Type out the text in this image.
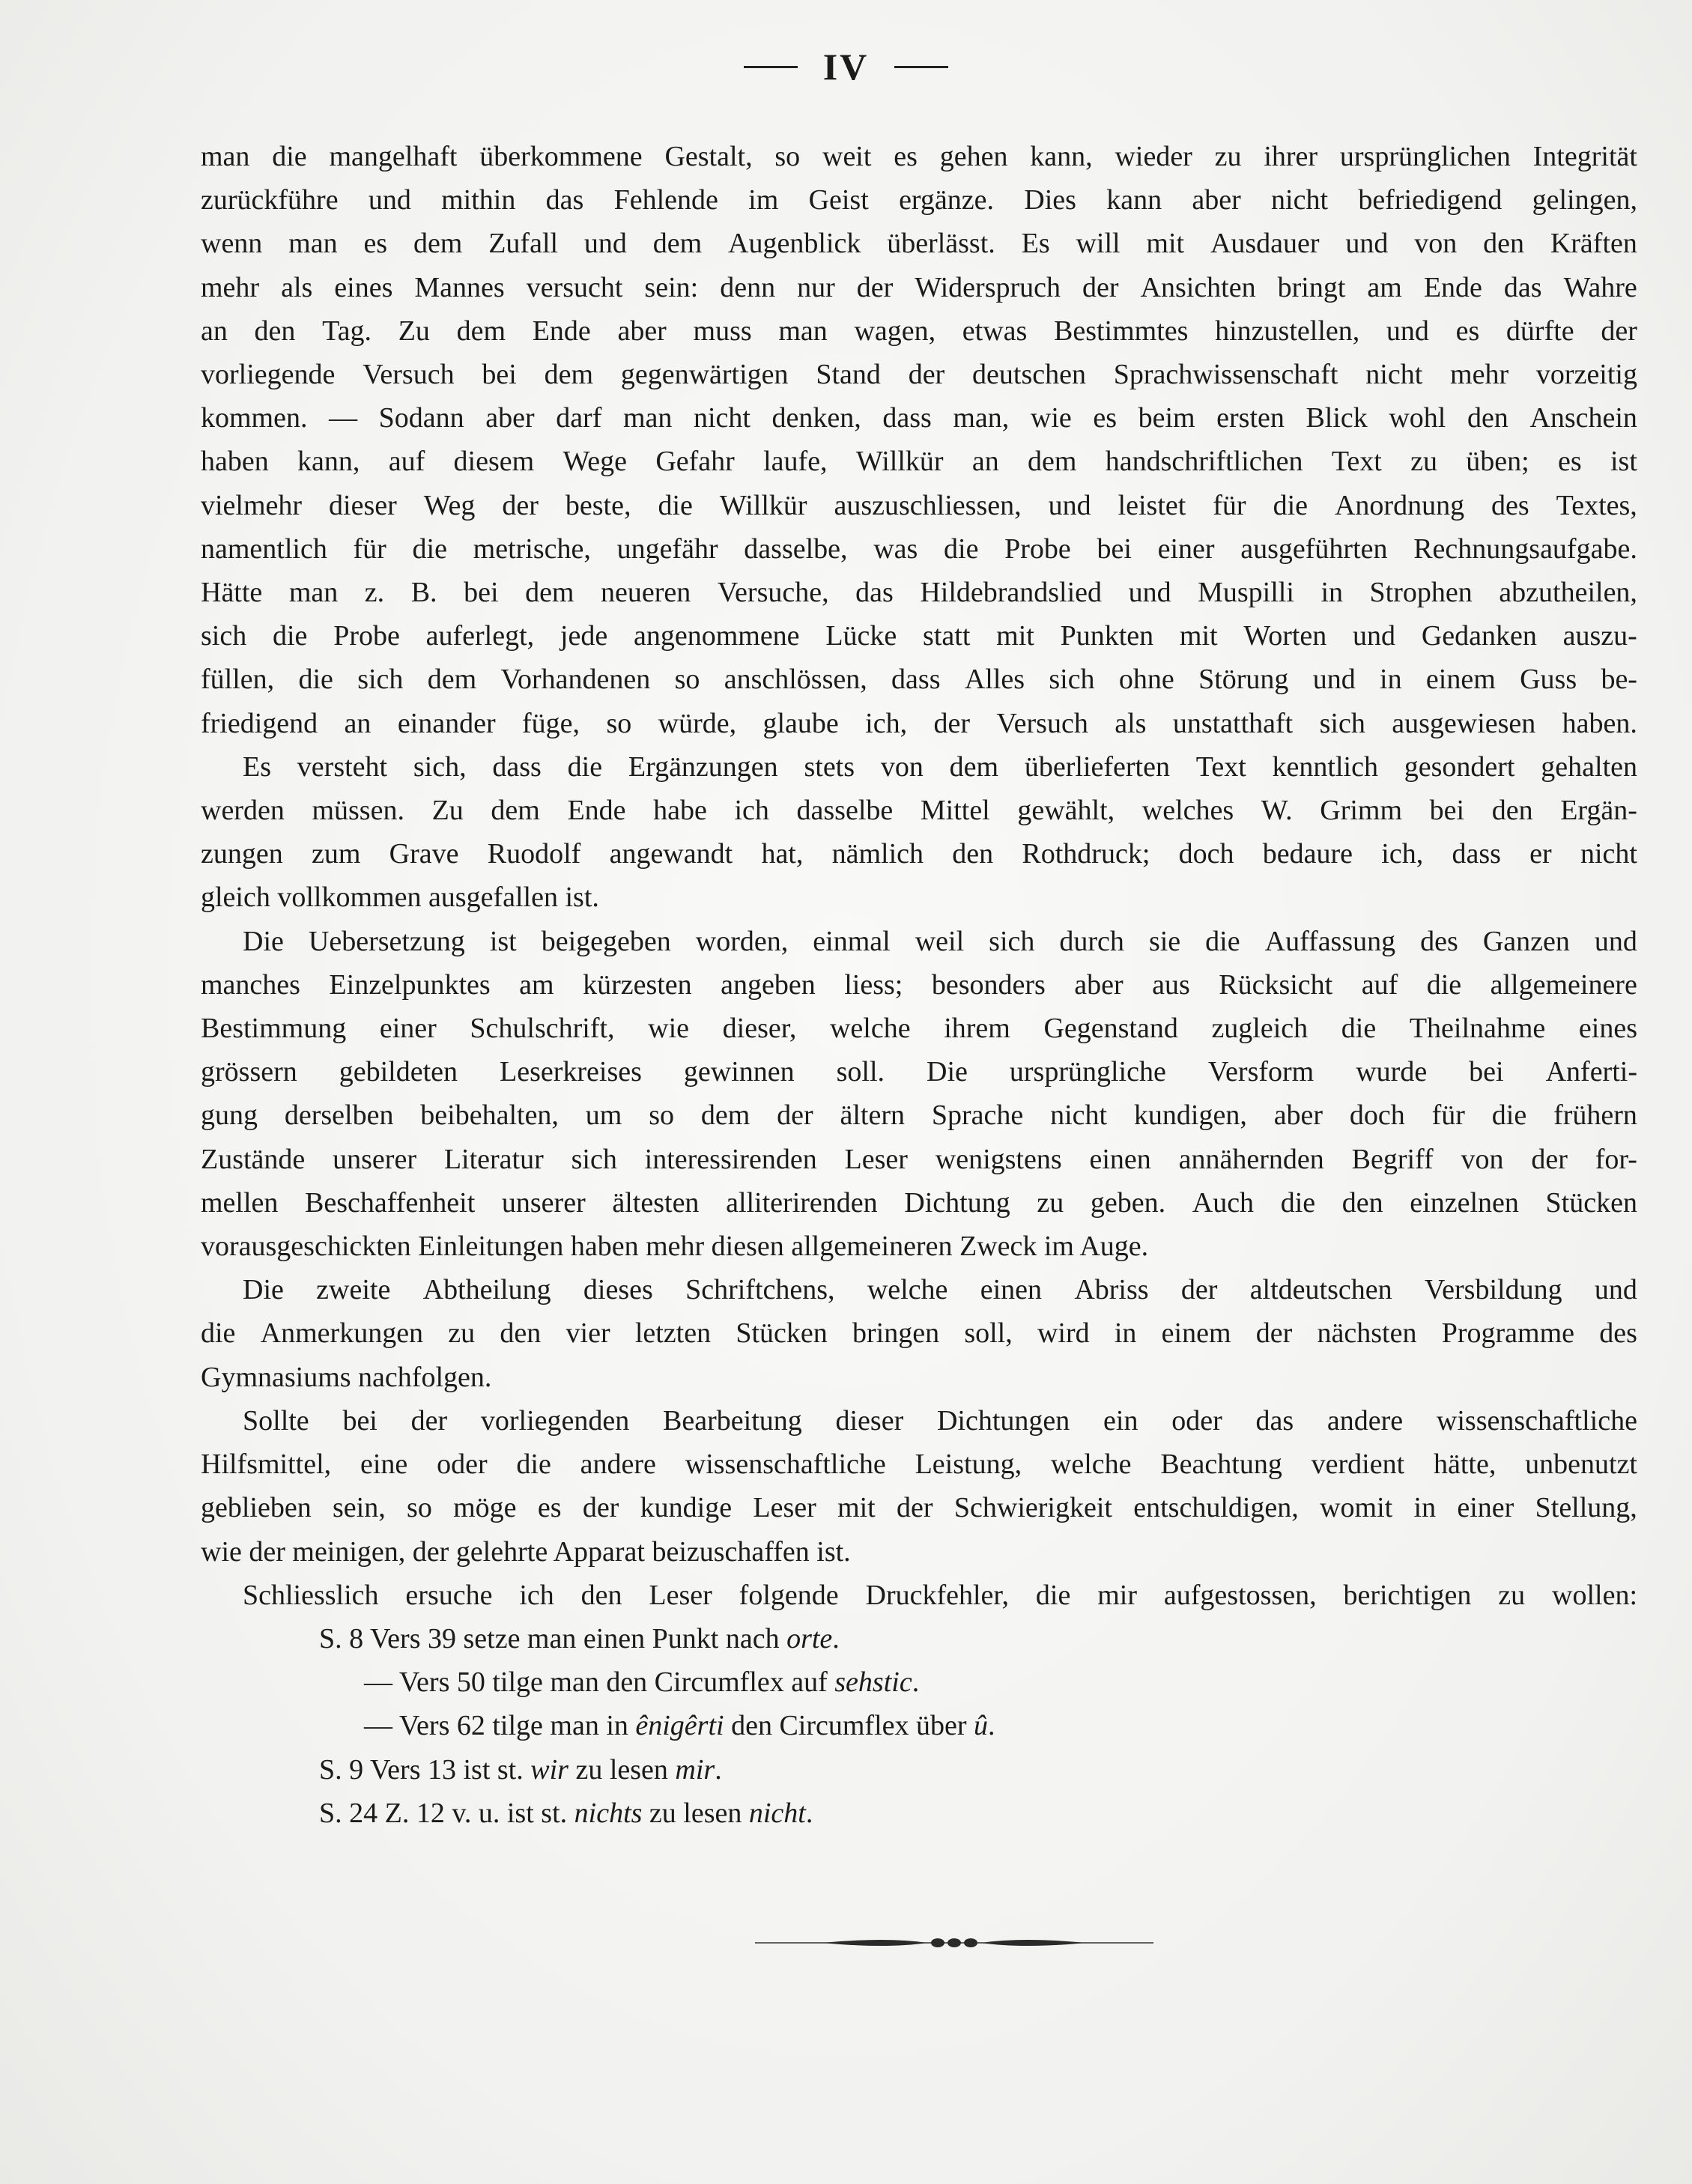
IV
man die mangelhaft überkommene Gestalt, so weit es gehen kann, wieder zu ihrer ursprünglichen Integrität
zurückführe und mithin das Fehlende im Geist ergänze. Dies kann aber nicht befriedigend gelingen,
wenn man es dem Zufall und dem Augenblick überlässt. Es will mit Ausdauer und von den Kräften
mehr als eines Mannes versucht sein: denn nur der Widerspruch der Ansichten bringt am Ende das Wahre
an den Tag. Zu dem Ende aber muss man wagen, etwas Bestimmtes hinzustellen, und es dürfte der
vorliegende Versuch bei dem gegenwärtigen Stand der deutschen Sprachwissenschaft nicht mehr vorzeitig
kommen. — Sodann aber darf man nicht denken, dass man, wie es beim ersten Blick wohl den Anschein
haben kann, auf diesem Wege Gefahr laufe, Willkür an dem handschriftlichen Text zu üben; es ist
vielmehr dieser Weg der beste, die Willkür auszuschliessen, und leistet für die Anordnung des Textes,
namentlich für die metrische, ungefähr dasselbe, was die Probe bei einer ausgeführten Rechnungsaufgabe.
Hätte man z. B. bei dem neueren Versuche, das Hildebrandslied und Muspilli in Strophen abzutheilen,
sich die Probe auferlegt, jede angenommene Lücke statt mit Punkten mit Worten und Gedanken auszu-
füllen, die sich dem Vorhandenen so anschlössen, dass Alles sich ohne Störung und in einem Guss be-
friedigend an einander füge, so würde, glaube ich, der Versuch als unstatthaft sich ausgewiesen haben.
Es versteht sich, dass die Ergänzungen stets von dem überlieferten Text kenntlich gesondert gehalten
werden müssen. Zu dem Ende habe ich dasselbe Mittel gewählt, welches W. Grimm bei den Ergän-
zungen zum Grave Ruodolf angewandt hat, nämlich den Rothdruck; doch bedaure ich, dass er nicht
gleich vollkommen ausgefallen ist.
Die Uebersetzung ist beigegeben worden, einmal weil sich durch sie die Auffassung des Ganzen und
manches Einzelpunktes am kürzesten angeben liess; besonders aber aus Rücksicht auf die allgemeinere
Bestimmung einer Schulschrift, wie dieser, welche ihrem Gegenstand zugleich die Theilnahme eines
grössern gebildeten Leserkreises gewinnen soll. Die ursprüngliche Versform wurde bei Anferti-
gung derselben beibehalten, um so dem der ältern Sprache nicht kundigen, aber doch für die frühern
Zustände unserer Literatur sich interessirenden Leser wenigstens einen annähernden Begriff von der for-
mellen Beschaffenheit unserer ältesten alliterirenden Dichtung zu geben. Auch die den einzelnen Stücken
vorausgeschickten Einleitungen haben mehr diesen allgemeineren Zweck im Auge.
Die zweite Abtheilung dieses Schriftchens, welche einen Abriss der altdeutschen Versbildung und
die Anmerkungen zu den vier letzten Stücken bringen soll, wird in einem der nächsten Programme des
Gymnasiums nachfolgen.
Sollte bei der vorliegenden Bearbeitung dieser Dichtungen ein oder das andere wissenschaftliche
Hilfsmittel, eine oder die andere wissenschaftliche Leistung, welche Beachtung verdient hätte, unbenutzt
geblieben sein, so möge es der kundige Leser mit der Schwierigkeit entschuldigen, womit in einer Stellung,
wie der meinigen, der gelehrte Apparat beizuschaffen ist.
Schliesslich ersuche ich den Leser folgende Druckfehler, die mir aufgestossen, berichtigen zu wollen:
S. 8 Vers 39 setze man einen Punkt nach orte.
— Vers 50 tilge man den Circumflex auf sehstic.
— Vers 62 tilge man in ênigêrti den Circumflex über û.
S. 9 Vers 13 ist st. wir zu lesen mir.
S. 24 Z. 12 v. u. ist st. nichts zu lesen nicht.
